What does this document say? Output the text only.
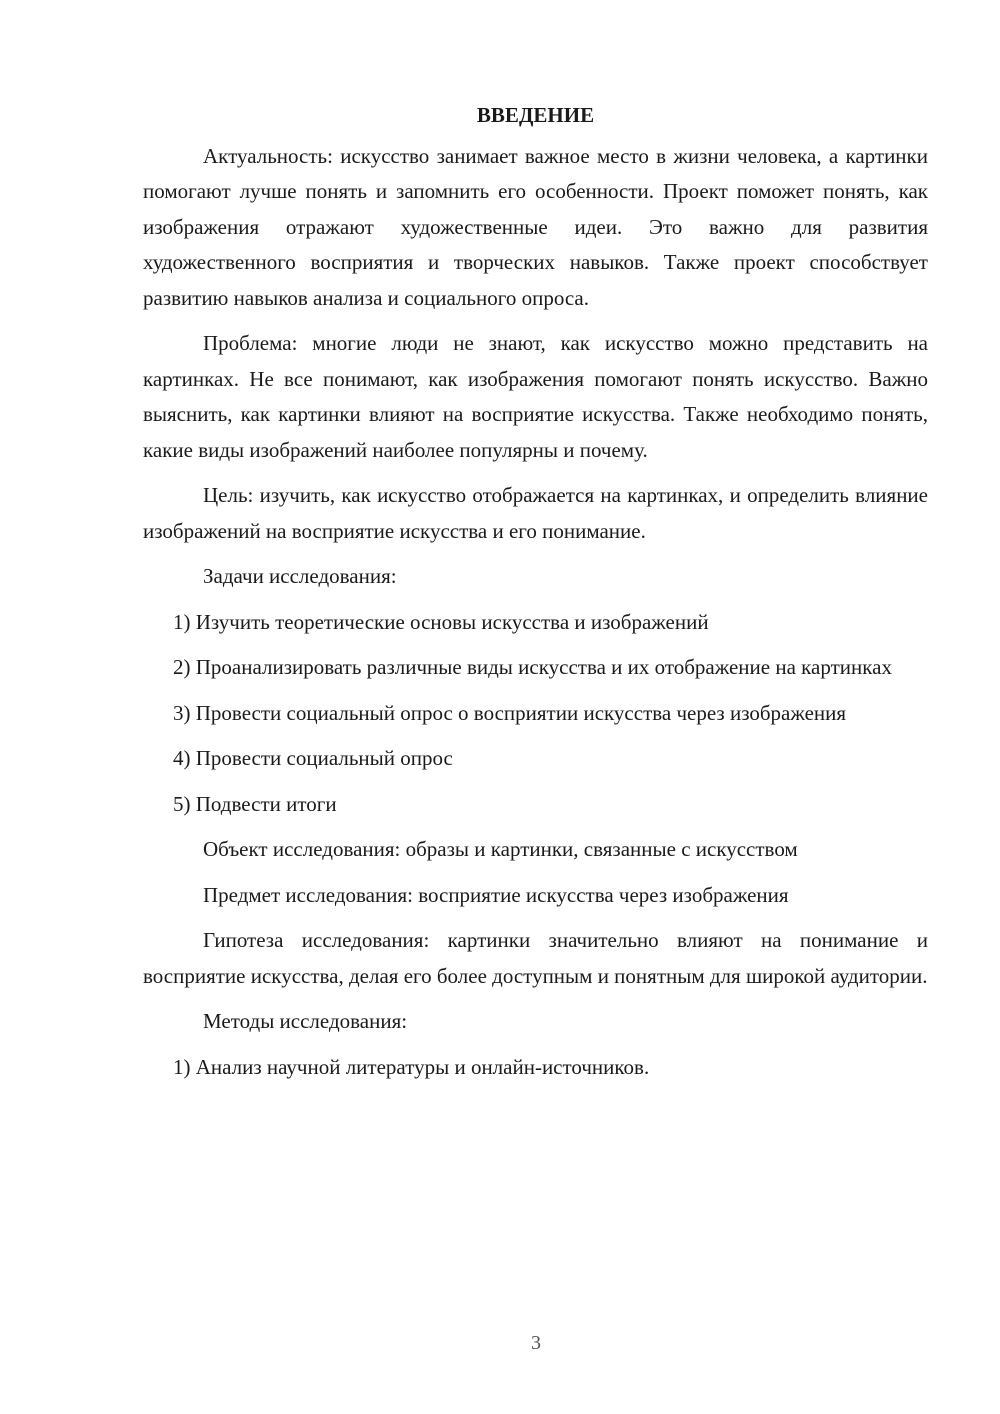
ВВЕДЕНИЕ

Актуальность: искусство занимает важное место в жизни человека, а картинки помогают лучше понять и запомнить его особенности. Проект поможет понять, как изображения отражают художественные идеи. Это важно для развития художественного восприятия и творческих навыков. Также проект способствует развитию навыков анализа и социального опроса.

Проблема: многие люди не знают, как искусство можно представить на картинках. Не все понимают, как изображения помогают понять искусство. Важно выяснить, как картинки влияют на восприятие искусства. Также необходимо понять, какие виды изображений наиболее популярны и почему.

Цель: изучить, как искусство отображается на картинках, и определить влияние изображений на восприятие искусства и его понимание.

Задачи исследования:

1) Изучить теоретические основы искусства и изображений

2) Проанализировать различные виды искусства и их отображение на картинках

3) Провести социальный опрос о восприятии искусства через изображения

4) Провести социальный опрос

5) Подвести итоги

Объект исследования: образы и картинки, связанные с искусством

Предмет исследования: восприятие искусства через изображения

Гипотеза исследования: картинки значительно влияют на понимание и восприятие искусства, делая его более доступным и понятным для широкой аудитории.

Методы исследования:

1) Анализ научной литературы и онлайн-источников.

3
